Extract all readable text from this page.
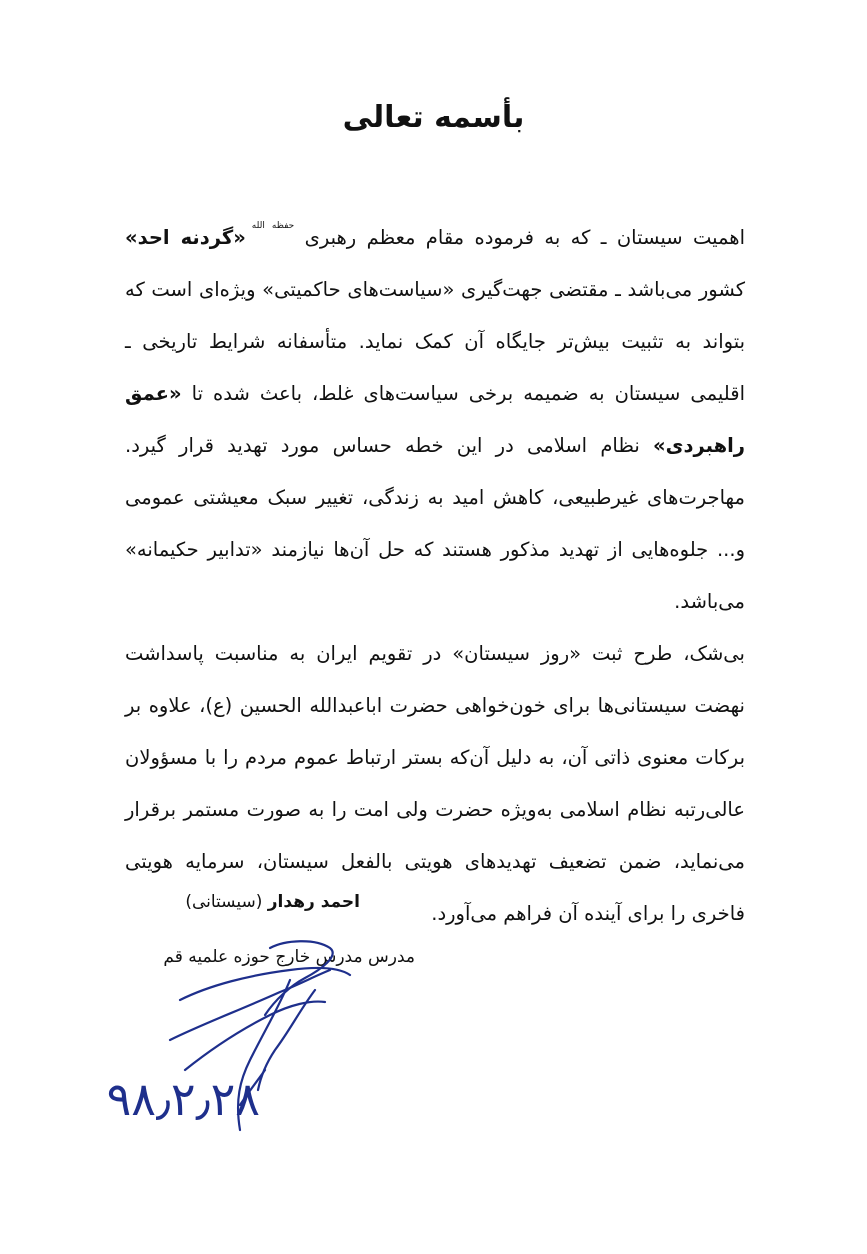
بأسمه تعالی

اهمیت سیستان ـ که به فرموده مقام معظم رهبری $^{حفظه الله}$«گردنه احد» کشور می‌باشد ـ مقتضی جهت‌گیری «سیاست‌های حاکمیتی» ویژه‌ای است که بتواند به تثبیت بیش‌تر جایگاه آن کمک نماید. متأسفانه شرایط تاریخی ـ اقلیمی سیستان به ضمیمه برخی سیاست‌های غلط، باعث شده تا «عمق راهبردی» نظام اسلامی در این خطه حساس مورد تهدید قرار گیرد. مهاجرت‌های غیرطبیعی، کاهش امید به زندگی، تغییر سبک معیشتی عمومی و... جلوه‌هایی از تهدید مذکور هستند که حل آن‌ها نیازمند «تدابیر حکیمانه» می‌باشد.

بی‌شک، طرح ثبت «روز سیستان» در تقویم ایران به مناسبت پاسداشت نهضت سیستانی‌ها برای خون‌خواهی حضرت اباعبدالله الحسین (ع)، علاوه بر برکات معنوی ذاتی آن، به دلیل آن‌که بستر ارتباط عموم مردم را با مسؤولان عالی‌رتبه نظام اسلامی به‌ویژه حضرت ولی امت را به صورت مستمر برقرار می‌نماید، ضمن تضعیف تهدیدهای هویتی بالفعل سیستان، سرمایه هویتی فاخری را برای آینده آن فراهم می‌آورد.

احمد رهدار (سیستانی)
مدرس مدرس خارج حوزه علمیه قم
۹۸٫۲٫۲۸
